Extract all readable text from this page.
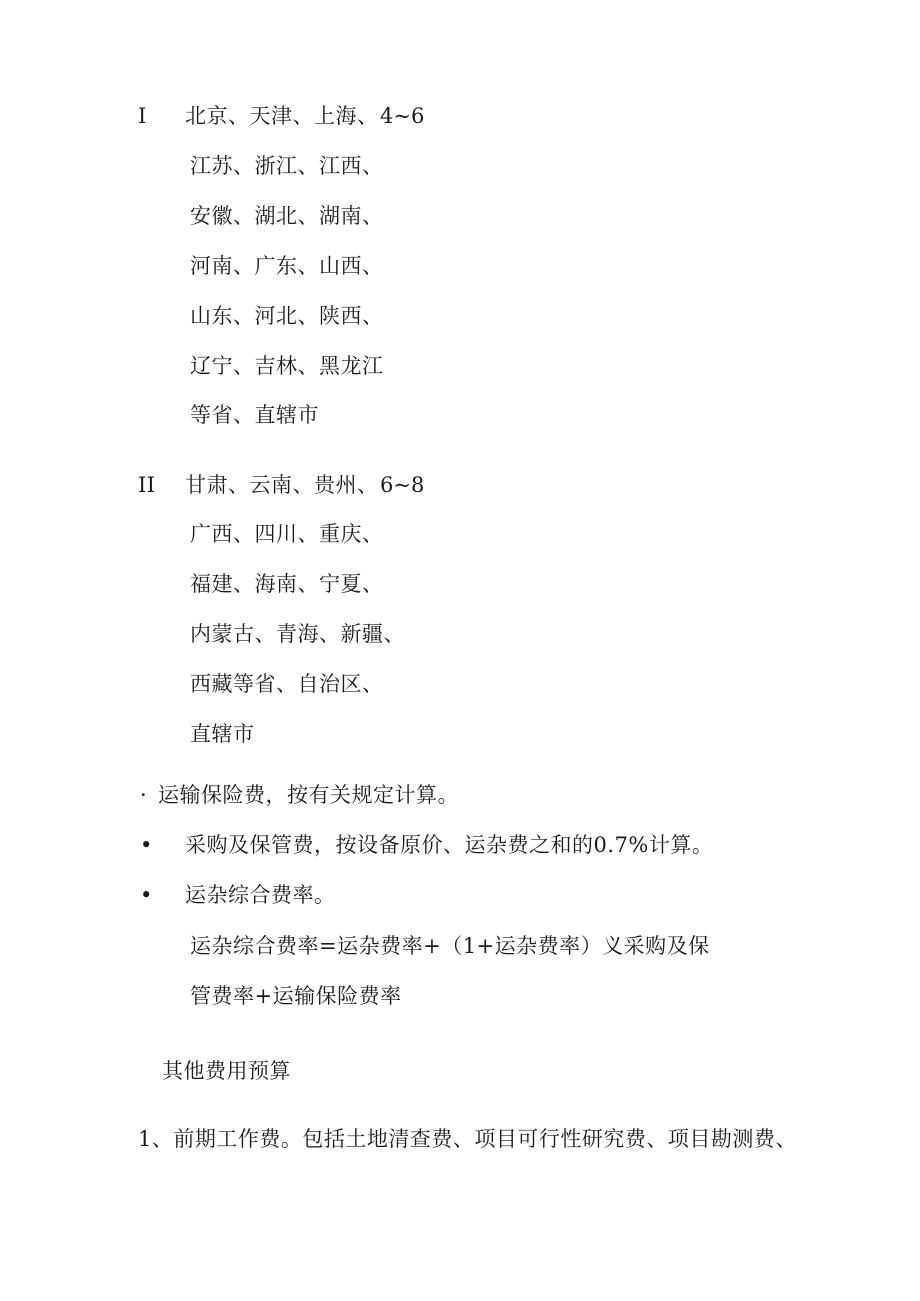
I 北京、天津、上海、 4~6
江苏、浙江、江西、
安徽、湖北、湖南、
河南、广东、山西、
山东、河北、陕西、
辽宁、吉林、黑龙江
等省、直辖市
II 甘肃、云南、贵州、 6~8
广西、四川、重庆、
福建、海南、宁夏、
内蒙古、青海、新疆、
西藏等省、自治区、
直辖市
· 运输保险费，按有关规定计算。
• 采购及保管费，按设备原价、运杂费之和的0.7%计算。
• 运杂综合费率。
运杂综合费率=运杂费率+（1+运杂费率）义采购及保
管费率+运输保险费率
其他费用预算
1、前期工作费。包括土地清查费、项目可行性研究费、项目勘测费、
